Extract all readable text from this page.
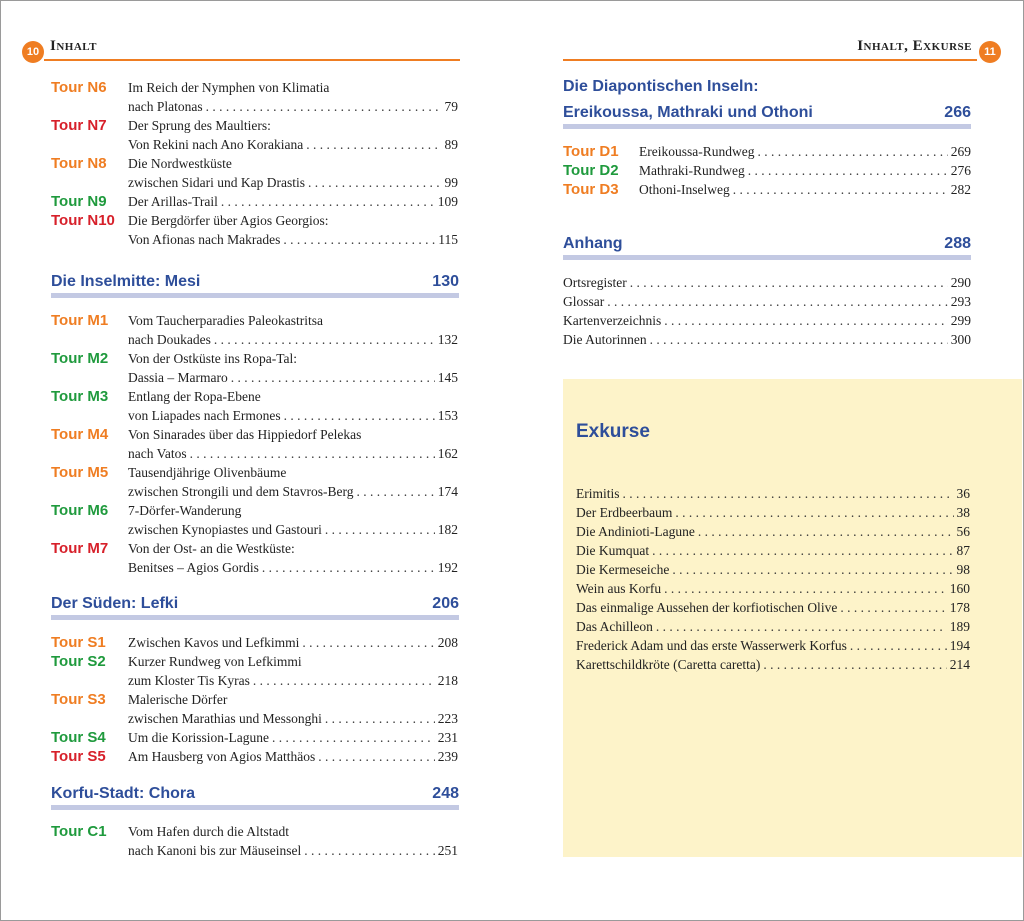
10 Inhalt	Inhalt, Exkurse	11
Exkurse
Tour N6 Im Reich der Nymphen von Klimatia
nach Platonas . . .	79
Tour N7 Der Sprung des Maultiers:
Von Rekini nach Ano Korakiana . . .	89
Tour N8 Die Nordwestküste
zwischen Sidari und Kap Drastis . . .	99
Tour N9 Der Arillas-Trail . . .	109
Tour N10 Die Bergdörfer über Agios Georgios:
Von Afionas nach Makrades . . .	115
Die Inselmitte: Mesi	130
Tour M1 Vom Taucherparadies Paleokastritsa
nach Doukades . . .	132
Tour M2 Von der Ostküste ins Ropa-Tal:
Dassia – Marmaro . . .	145
Tour M3 Entlang der Ropa-Ebene
von Liapades nach Ermones . . .	153
Tour M4 Von Sinarades über das Hippiedorf Pelekas
nach Vatos . . .	162
Tour M5 Tausendjährige Olivenbäume
zwischen Strongili und dem Stavros-Berg . . .	174
Tour M6 7-Dörfer-Wanderung
zwischen Kynopiastes und Gastouri . . .	182
Tour M7 Von der Ost- an die Westküste:
Benitses – Agios Gordis . . .	192
Der Süden: Lefki	206
Tour S1 Zwischen Kavos und Lefkimmi . . .	208
Tour S2 Kurzer Rundweg von Lefkimmi
zum Kloster Tis Kyras . . .	218
Tour S3 Malerische Dörfer
zwischen Marathias und Messonghi . . .	223
Tour S4 Um die Korission-Lagune . . .	231
Tour S5 Am Hausberg von Agios Matthäos . . .	239
Korfu-Stadt: Chora	248
Tour C1 Vom Hafen durch die Altstadt
nach Kanoni bis zur Mäuseinsel . . .	251
Die Diapontischen Inseln:
Ereikoussa, Mathraki und Othoni	266
Tour D1 Ereikoussa-Rundweg . . .	269
Tour D2 Mathraki-Rundweg . . .	276
Tour D3 Othoni-Inselweg . . .	282
Anhang	288
Ortsregister . . .	290
Glossar . . .	293
Kartenverzeichnis . . .	299
Die Autorinnen . . .	300
Erimitis . . .	36
Der Erdbeerbaum . . .	38
Die Andinioti-Lagune . . .	56
Die Kumquat . . .	87
Die Kermeseiche . . .	98
Wein aus Korfu . . .	160
Das einmalige Aussehen der korfiotischen Olive . . .	178
Das Achilleon . . .	189
Frederick Adam und das erste Wasserwerk Korfus . . .	194
Karettschildkröte (Caretta caretta) . . .	214
